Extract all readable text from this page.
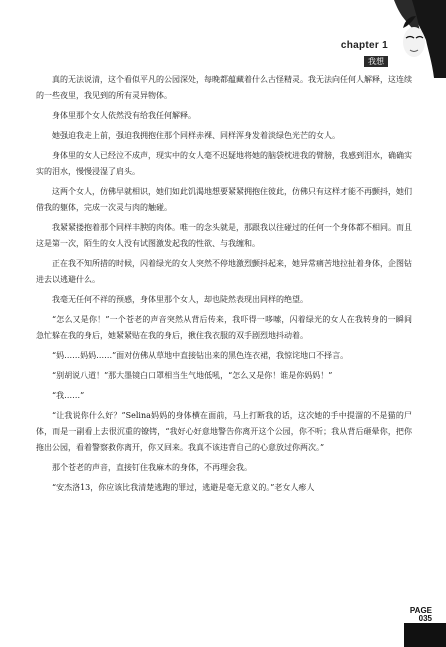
chapter 1
我想

真的无法说清，这个看似平凡的公园深处，每晚都蕴藏着什么古怪精灵。我无法向任何人解释，这连续的一些夜里，我见到的所有灵异物体。

身体里那个女人依然没有给我任何解释。

她强迫我走上前，强迫我拥抱住那个同样赤裸、同样浑身发着淡绿色光芒的女人。

身体里的女人已经泣不成声，现实中的女人毫不迟疑地将她的脑袋枕进我的臂膀，我感到泪水，确确实实的泪水，慢慢浸湿了肩头。

这两个女人，仿佛早就相识，她们如此饥渴地想要紧紧拥抱住彼此，仿佛只有这样才能不再颤抖，她们借我的躯体，完成一次灵与肉的触碰。

我紧紧搂抱着那个同样丰腴的肉体。唯一的念头就是，那跟我以往碰过的任何一个身体都不相同。而且这是第一次，陌生的女人没有试图激发起我的性欲、与我缠和。

正在我不知所措的时候，闪着绿光的女人突然不停地激烈颤抖起来，她异常痛苦地拉扯着身体，企图钻进去以逃避什么。

我毫无任何不祥的预感，身体里那个女人，却也陡然表现出同样的绝望。

“怎么又是你！”一个苍老的声音突然从背后传来，我吓得一哆嗦，闪着绿光的女人在我转身的一瞬间急忙躲在我的身后，她紧紧贴在我的身后，揪住我衣服的双手剧烈地抖动着。

“妈……妈妈……”面对仿佛从草地中直接钻出来的黑色连衣裙，我惊诧地口不择言。

“别胡说八道！”那大墨镜白口罩相当生气地低吼，“怎么又是你！谁是你妈妈！”

“我……”

“让我说你什么好？”Selina妈妈的身体横在面前，马上打断我的话，这次她的手中提溜的不是猫的尸体，而是一副看上去很沉重的镣铐，“我好心好意地警告你离开这个公园，你不听；我从背后砸晕你，把你拖出公园，看着警察救你离开，你又回来。我真不该违背自己的心意放过你两次。”

那个苍老的声音，直接钉住我麻木的身体，不再理会我。

“安杰洛13，你应该比我清楚逃跑的罪过，逃避是毫无意义的。”老女人瘆人

PAGE
035
